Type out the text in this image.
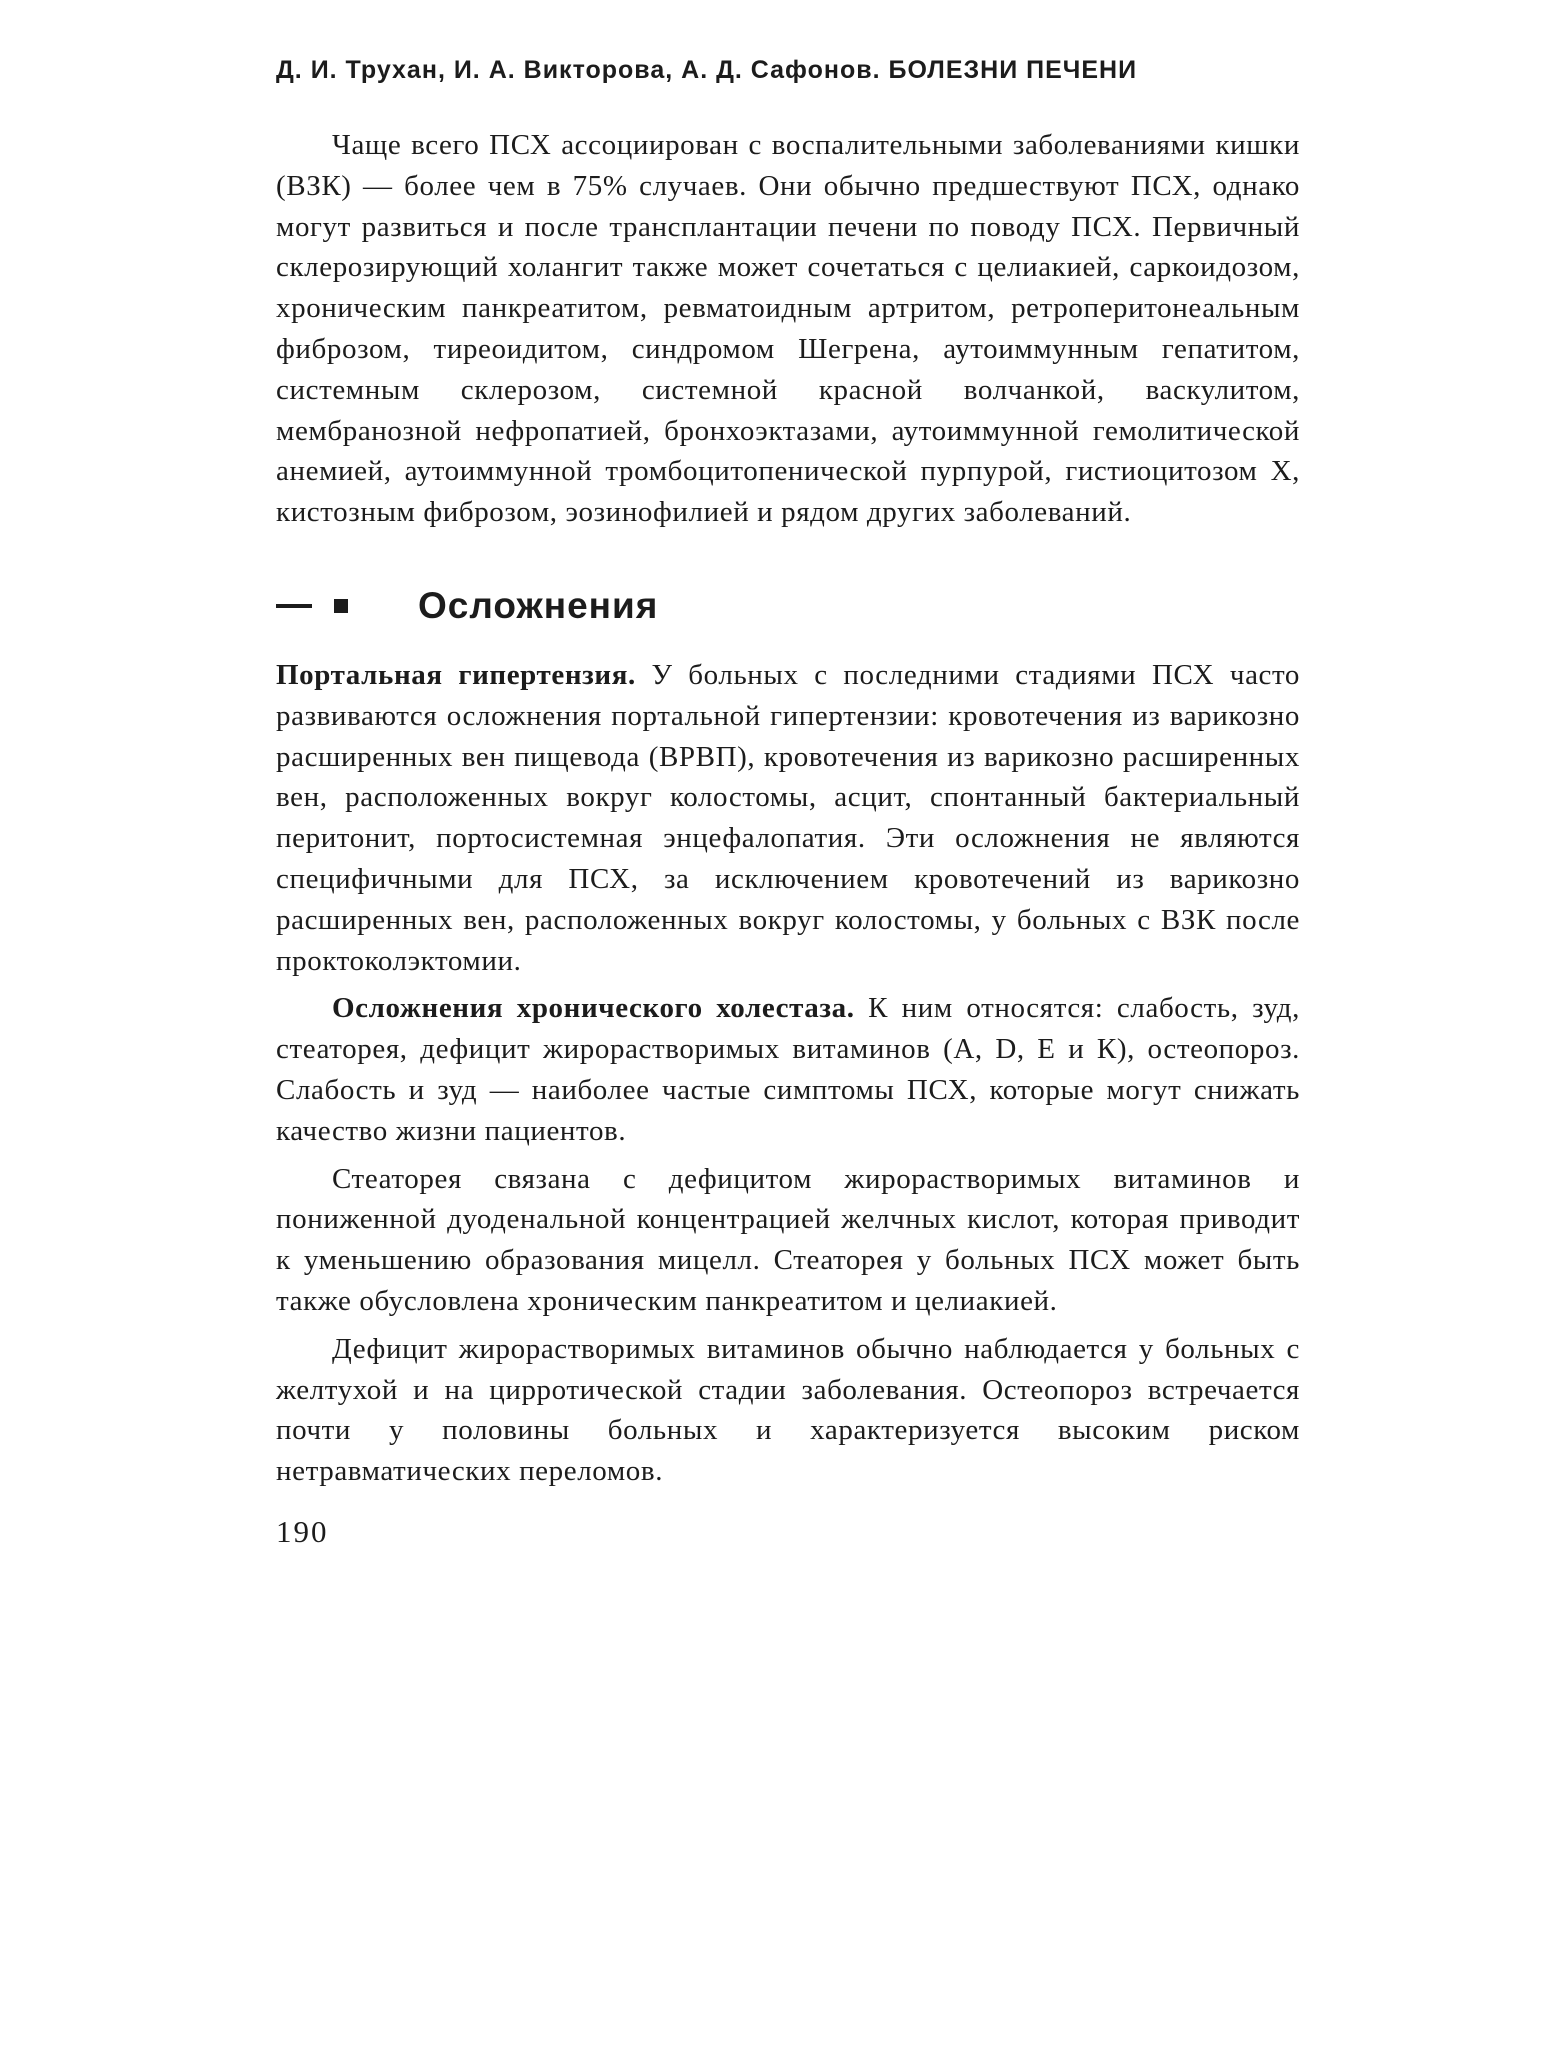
Д. И. Трухан, И. А. Викторова, А. Д. Сафонов. БОЛЕЗНИ ПЕЧЕНИ

Чаще всего ПСХ ассоциирован с воспалительными заболеваниями кишки (ВЗК) — более чем в 75% случаев. Они обычно предшествуют ПСХ, однако могут развиться и после трансплантации печени по поводу ПСХ. Первичный склерозирующий холангит также может сочетаться с целиакией, саркоидозом, хроническим панкреатитом, ревматоидным артритом, ретроперитонеальным фиброзом, тиреоидитом, синдромом Шегрена, аутоиммунным гепатитом, системным склерозом, системной красной волчанкой, васкулитом, мембранозной нефропатией, бронхоэктазами, аутоиммунной гемолитической анемией, аутоиммунной тромбоцитопенической пурпурой, гистиоцитозом X, кистозным фиброзом, эозинофилией и рядом других заболеваний.

Осложнения

Портальная гипертензия. У больных с последними стадиями ПСХ часто развиваются осложнения портальной гипертензии: кровотечения из варикозно расширенных вен пищевода (ВРВП), кровотечения из варикозно расширенных вен, расположенных вокруг колостомы, асцит, спонтанный бактериальный перитонит, портосистемная энцефалопатия. Эти осложнения не являются специфичными для ПСХ, за исключением кровотечений из варикозно расширенных вен, расположенных вокруг колостомы, у больных с ВЗК после проктоколэктомии.

Осложнения хронического холестаза. К ним относятся: слабость, зуд, стеаторея, дефицит жирорастворимых витаминов (А, D, Е и К), остеопороз. Слабость и зуд — наиболее частые симптомы ПСХ, которые могут снижать качество жизни пациентов.

Стеаторея связана с дефицитом жирорастворимых витаминов и пониженной дуоденальной концентрацией желчных кислот, которая приводит к уменьшению образования мицелл. Стеаторея у больных ПСХ может быть также обусловлена хроническим панкреатитом и целиакией.

Дефицит жирорастворимых витаминов обычно наблюдается у больных с желтухой и на цирротической стадии заболевания. Остеопороз встречается почти у половины больных и характеризуется высоким риском нетравматических переломов.

190
